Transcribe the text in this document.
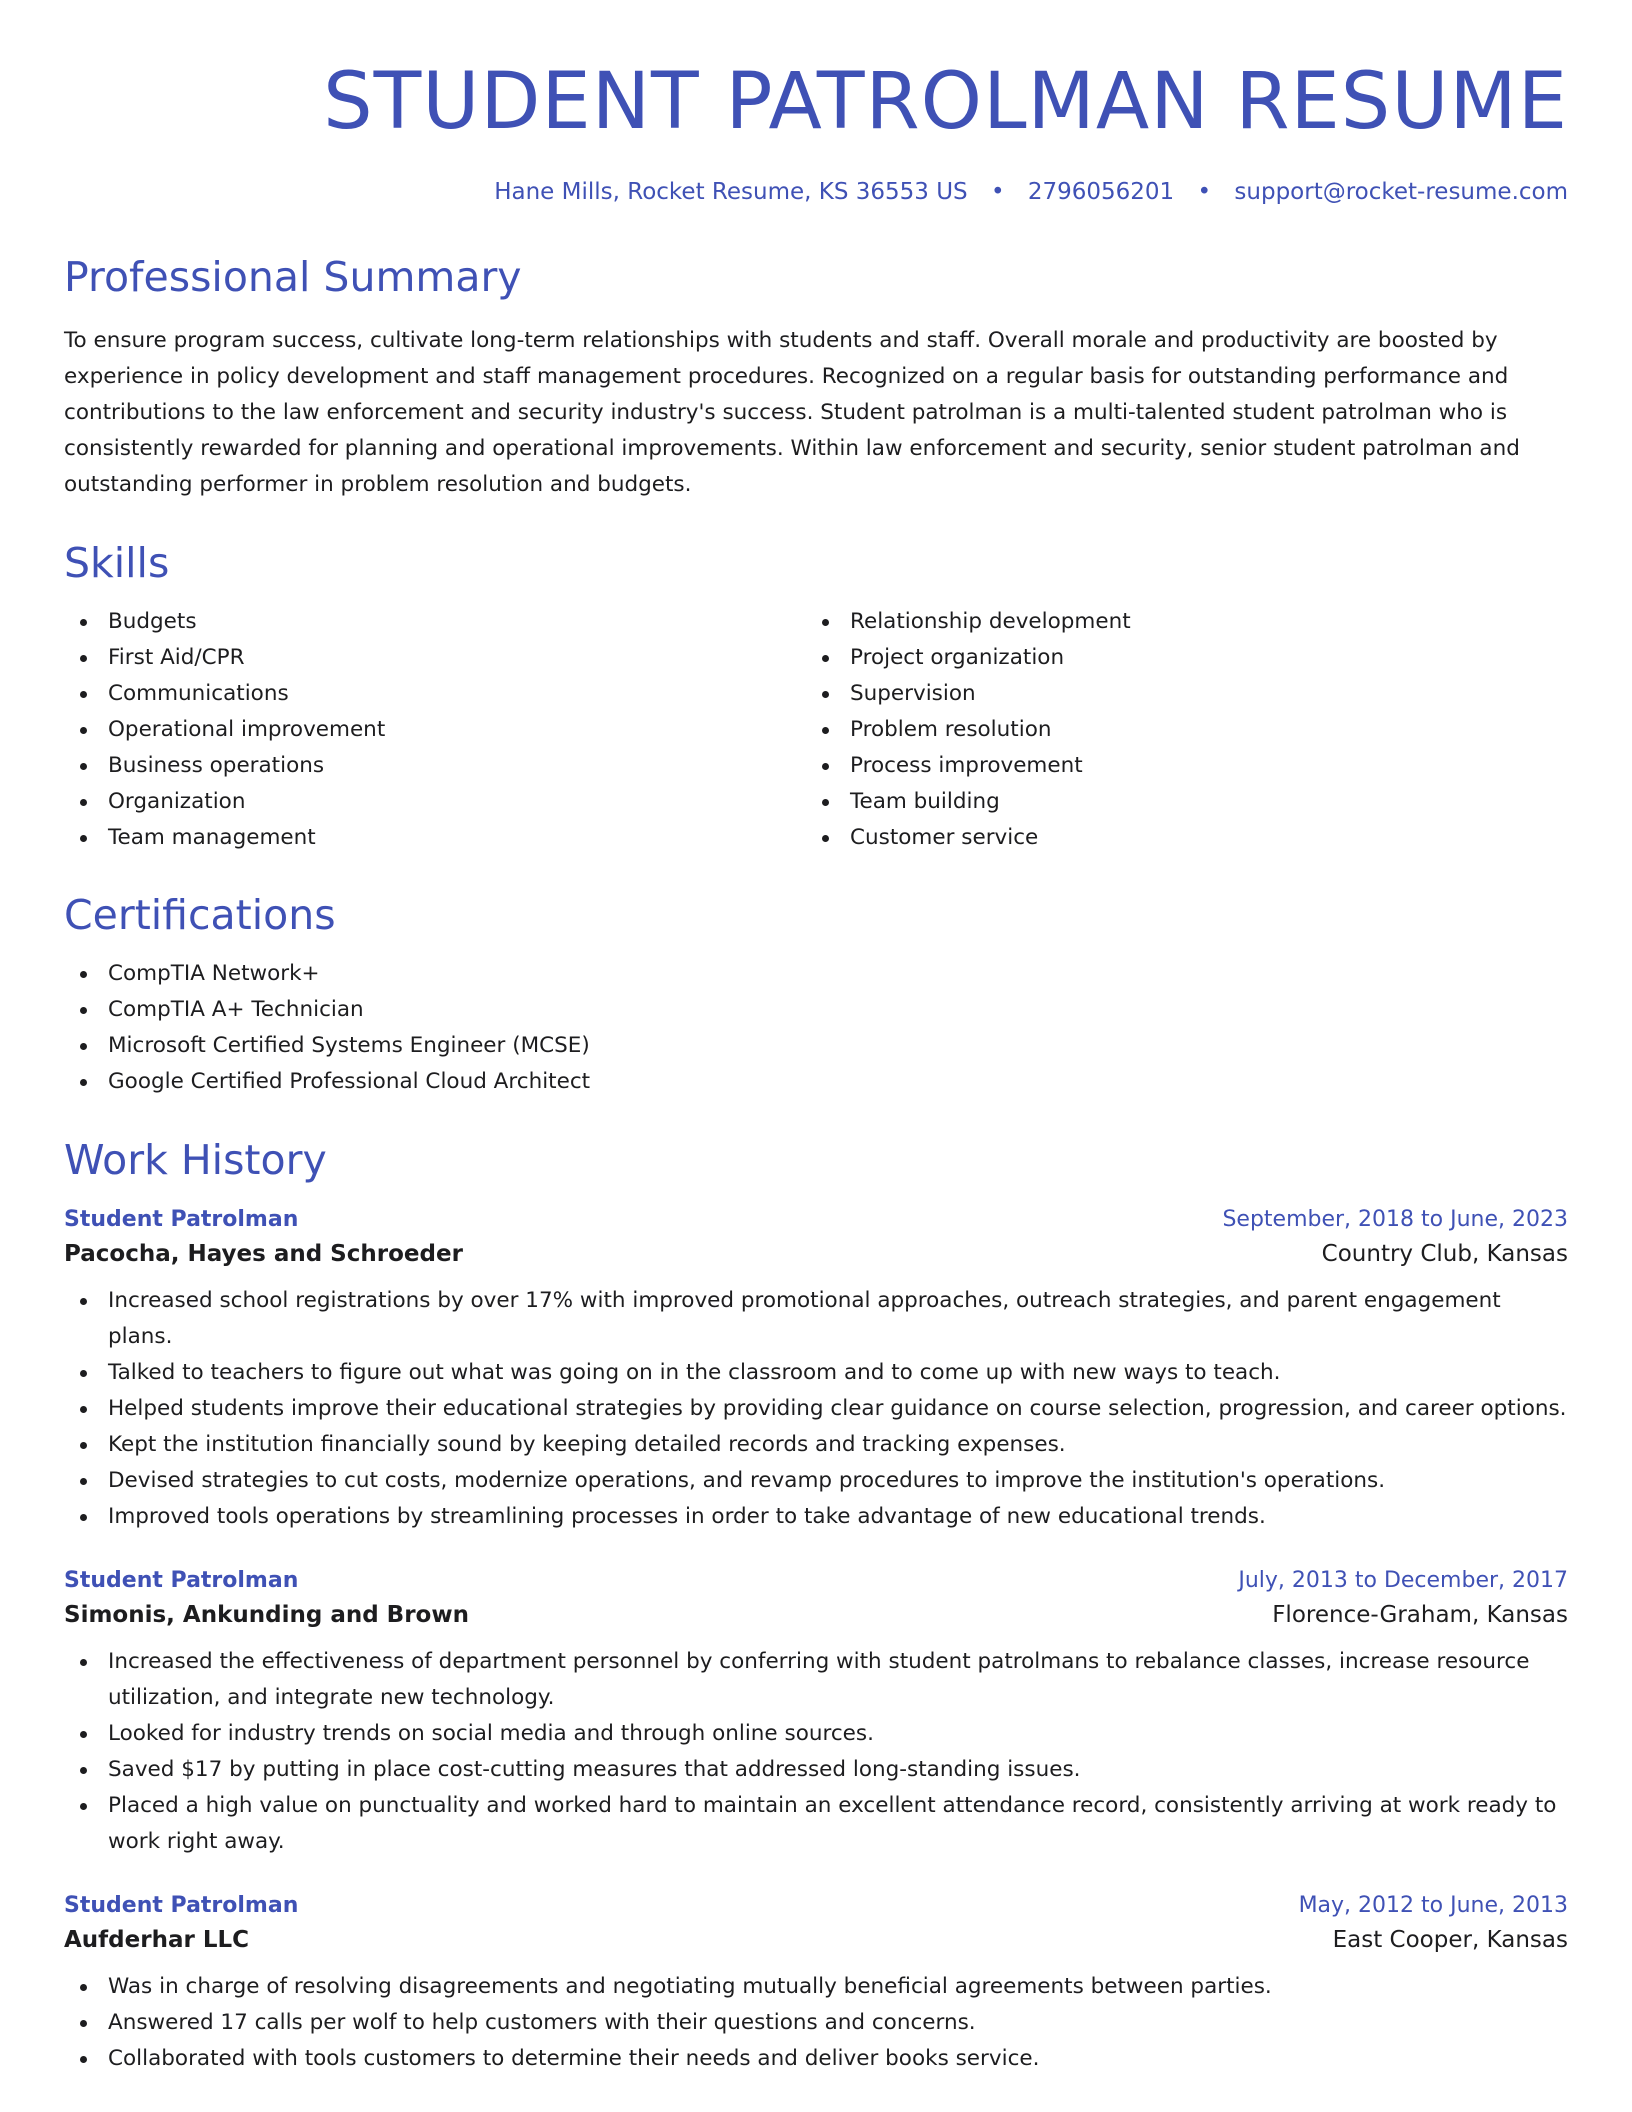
STUDENT PATROLMAN RESUME
Hane Mills, Rocket Resume, KS 36553 US • 2796056201 • support@rocket-resume.com
Professional Summary

To ensure program success, cultivate long-term relationships with students and staff. Overall morale and productivity are boosted by experience in policy development and staff management procedures. Recognized on a regular basis for outstanding performance and contributions to the law enforcement and security industry's success. Student patrolman is a multi-talented student patrolman who is consistently rewarded for planning and operational improvements. Within law enforcement and security, senior student patrolman and outstanding performer in problem resolution and budgets.

Skills
Budgets
First Aid/CPR
Communications
Operational improvement
Business operations
Organization
Team management
Relationship development
Project organization
Supervision
Problem resolution
Process improvement
Team building
Customer service
Certifications
CompTIA Network+
CompTIA A+ Technician
Microsoft Certified Systems Engineer (MCSE)
Google Certified Professional Cloud Architect
Work History
Student Patrolman	September, 2018 to June, 2023
Pacocha, Hayes and Schroeder	Country Club, Kansas
Increased school registrations by over 17% with improved promotional approaches, outreach strategies, and parent engagement plans.
Talked to teachers to figure out what was going on in the classroom and to come up with new ways to teach.
Helped students improve their educational strategies by providing clear guidance on course selection, progression, and career options.
Kept the institution financially sound by keeping detailed records and tracking expenses.
Devised strategies to cut costs, modernize operations, and revamp procedures to improve the institution's operations.
Improved tools operations by streamlining processes in order to take advantage of new educational trends.
Student Patrolman	July, 2013 to December, 2017
Simonis, Ankunding and Brown	Florence-Graham, Kansas
Increased the effectiveness of department personnel by conferring with student patrolmans to rebalance classes, increase resource utilization, and integrate new technology.
Looked for industry trends on social media and through online sources.
Saved $17 by putting in place cost-cutting measures that addressed long-standing issues.
Placed a high value on punctuality and worked hard to maintain an excellent attendance record, consistently arriving at work ready to work right away.
Student Patrolman	May, 2012 to June, 2013
Aufderhar LLC	East Cooper, Kansas
Was in charge of resolving disagreements and negotiating mutually beneficial agreements between parties.
Answered 17 calls per wolf to help customers with their questions and concerns.
Collaborated with tools customers to determine their needs and deliver books service.
